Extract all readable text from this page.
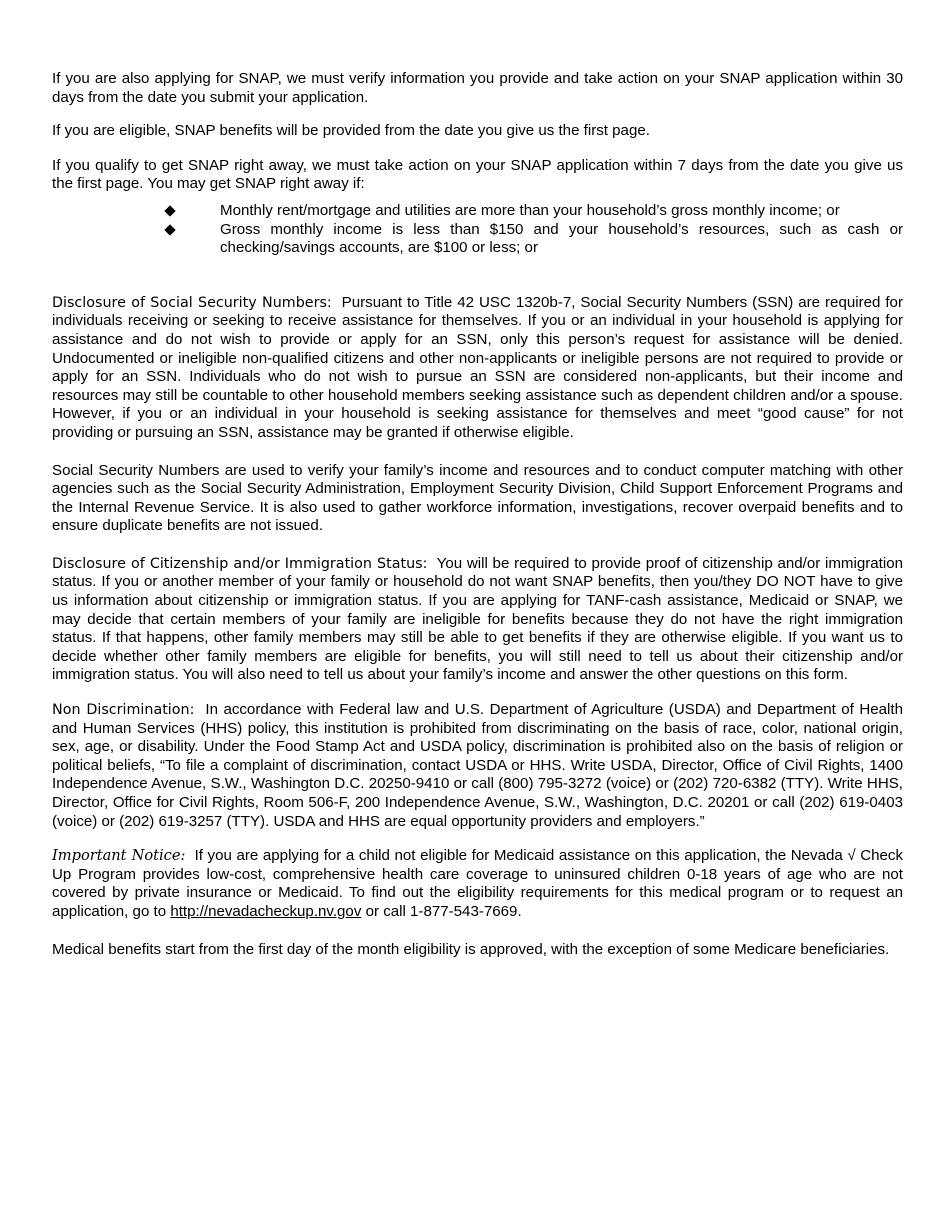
If you are also applying for SNAP, we must verify information you provide and take action on your SNAP application within 30 days from the date you submit your application.

If you are eligible, SNAP benefits will be provided from the date you give us the first page.

If you qualify to get SNAP right away, we must take action on your SNAP application within 7 days from the date you give us the first page. You may get SNAP right away if:

Monthly rent/mortgage and utilities are more than your household’s gross monthly income; or
Gross monthly income is less than $150 and your household’s resources, such as cash or checking/savings accounts, are $100 or less; or

Disclosure of Social Security Numbers: Pursuant to Title 42 USC 1320b-7, Social Security Numbers (SSN) are required for individuals receiving or seeking to receive assistance for themselves. If you or an individual in your household is applying for assistance and do not wish to provide or apply for an SSN, only this person’s request for assistance will be denied. Undocumented or ineligible non-qualified citizens and other non-applicants or ineligible persons are not required to provide or apply for an SSN. Individuals who do not wish to pursue an SSN are considered non-applicants, but their income and resources may still be countable to other household members seeking assistance such as dependent children and/or a spouse. However, if you or an individual in your household is seeking assistance for themselves and meet “good cause” for not providing or pursuing an SSN, assistance may be granted if otherwise eligible.

Social Security Numbers are used to verify your family’s income and resources and to conduct computer matching with other agencies such as the Social Security Administration, Employment Security Division, Child Support Enforcement Programs and the Internal Revenue Service. It is also used to gather workforce information, investigations, recover overpaid benefits and to ensure duplicate benefits are not issued.

Disclosure of Citizenship and/or Immigration Status: You will be required to provide proof of citizenship and/or immigration status. If you or another member of your family or household do not want SNAP benefits, then you/they DO NOT have to give us information about citizenship or immigration status. If you are applying for TANF-cash assistance, Medicaid or SNAP, we may decide that certain members of your family are ineligible for benefits because they do not have the right immigration status. If that happens, other family members may still be able to get benefits if they are otherwise eligible. If you want us to decide whether other family members are eligible for benefits, you will still need to tell us about their citizenship and/or immigration status. You will also need to tell us about your family’s income and answer the other questions on this form.

Non Discrimination: In accordance with Federal law and U.S. Department of Agriculture (USDA) and Department of Health and Human Services (HHS) policy, this institution is prohibited from discriminating on the basis of race, color, national origin, sex, age, or disability. Under the Food Stamp Act and USDA policy, discrimination is prohibited also on the basis of religion or political beliefs, “To file a complaint of discrimination, contact USDA or HHS. Write USDA, Director, Office of Civil Rights, 1400 Independence Avenue, S.W., Washington D.C. 20250-9410 or call (800) 795-3272 (voice) or (202) 720-6382 (TTY). Write HHS, Director, Office for Civil Rights, Room 506-F, 200 Independence Avenue, S.W., Washington, D.C. 20201 or call (202) 619-0403 (voice) or (202) 619-3257 (TTY). USDA and HHS are equal opportunity providers and employers.”

Important Notice: If you are applying for a child not eligible for Medicaid assistance on this application, the Nevada √ Check Up Program provides low-cost, comprehensive health care coverage to uninsured children 0-18 years of age who are not covered by private insurance or Medicaid. To find out the eligibility requirements for this medical program or to request an application, go to http://nevadacheckup.nv.gov or call 1-877-543-7669.

Medical benefits start from the first day of the month eligibility is approved, with the exception of some Medicare beneficiaries.
